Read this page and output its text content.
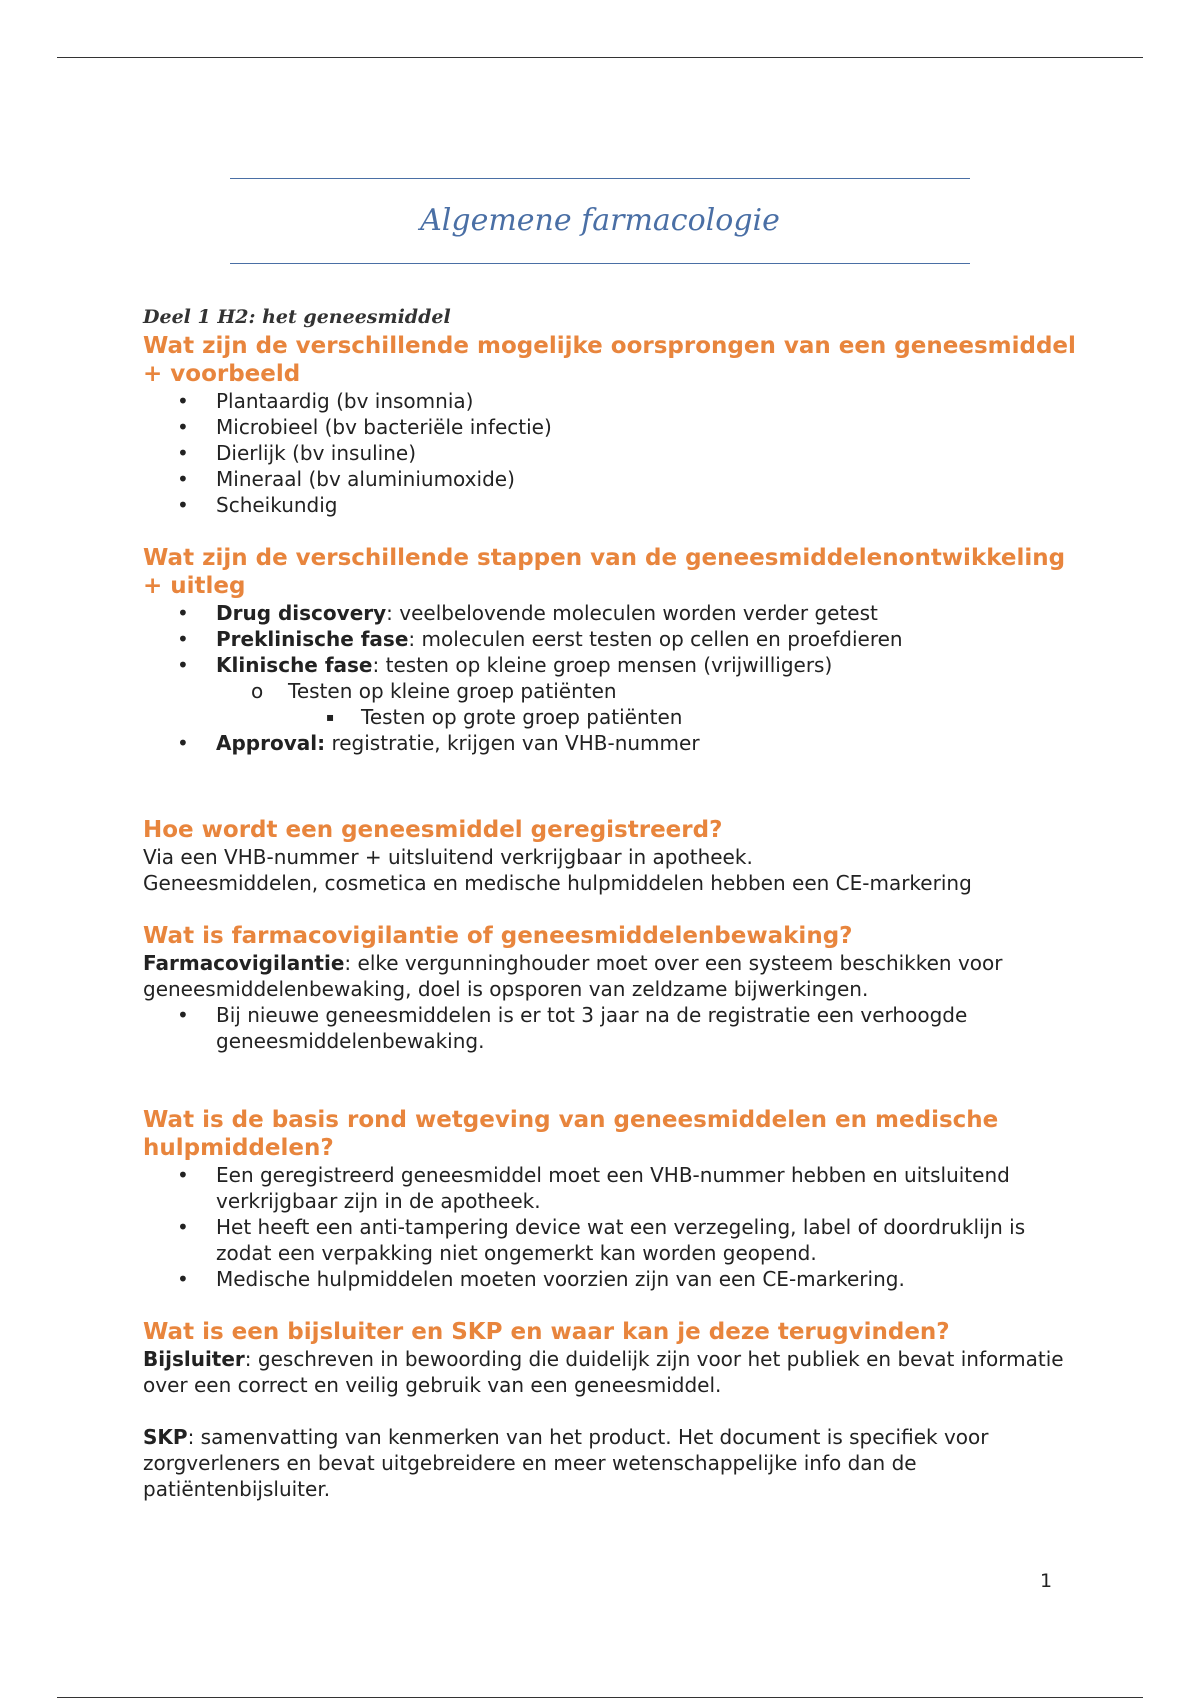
Algemene farmacologie
Deel 1 H2: het geneesmiddel
Wat zijn de verschillende mogelijke oorsprongen van een geneesmiddel + voorbeeld
• Plantaardig (bv insomnia)
• Microbieel (bv bacteriële infectie)
• Dierlijk (bv insuline)
• Mineraal (bv aluminiumoxide)
• Scheikundig
Wat zijn de verschillende stappen van de geneesmiddelenontwikkeling + uitleg
• Drug discovery: veelbelovende moleculen worden verder getest
• Preklinische fase: moleculen eerst testen op cellen en proefdieren
• Klinische fase: testen op kleine groep mensen (vrijwilligers)
o Testen op kleine groep patiënten
▪ Testen op grote groep patiënten
• Approval: registratie, krijgen van VHB-nummer
Hoe wordt een geneesmiddel geregistreerd?

Via een VHB-nummer + uitsluitend verkrijgbaar in apotheek.

Geneesmiddelen, cosmetica en medische hulpmiddelen hebben een CE-markering

Wat is farmacovigilantie of geneesmiddelenbewaking?

Farmacovigilantie: elke vergunninghouder moet over een systeem beschikken voor geneesmiddelenbewaking, doel is opsporen van zeldzame bijwerkingen.

• Bij nieuwe geneesmiddelen is er tot 3 jaar na de registratie een verhoogde geneesmiddelenbewaking.
Wat is de basis rond wetgeving van geneesmiddelen en medische hulpmiddelen?
• Een geregistreerd geneesmiddel moet een VHB-nummer hebben en uitsluitend verkrijgbaar zijn in de apotheek.
• Het heeft een anti-tampering device wat een verzegeling, label of doordruklijn is zodat een verpakking niet ongemerkt kan worden geopend.
• Medische hulpmiddelen moeten voorzien zijn van een CE-markering.
Wat is een bijsluiter en SKP en waar kan je deze terugvinden?

Bijsluiter: geschreven in bewoording die duidelijk zijn voor het publiek en bevat informatie over een correct en veilig gebruik van een geneesmiddel.

SKP: samenvatting van kenmerken van het product. Het document is specifiek voor zorgverleners en bevat uitgebreidere en meer wetenschappelijke info dan de patiëntenbijsluiter.

1
